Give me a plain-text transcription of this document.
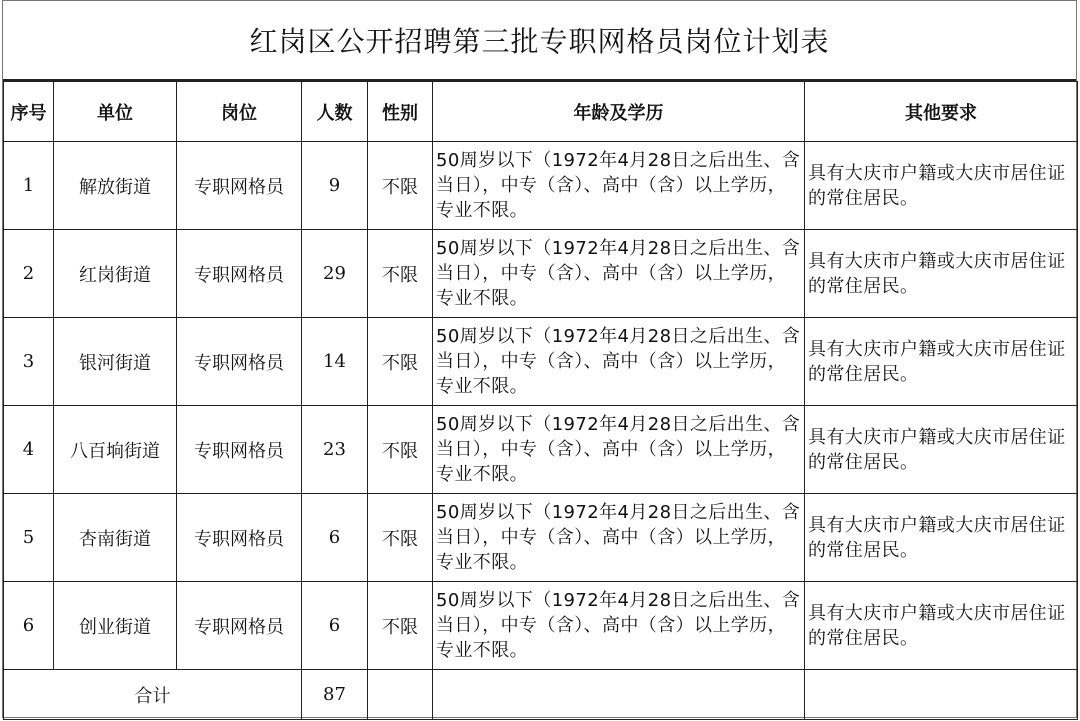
红岗区公开招聘第三批专职网格员岗位计划表
序号	单位	岗位	人数	性别	年龄及学历	其他要求
1	解放街道	专职网格员	9	不限	50周岁以下（1972年4月28日之后出生、含当日），中专（含）、高中（含）以上学历，专业不限。	具有大庆市户籍或大庆市居住证的常住居民。
2	红岗街道	专职网格员	29	不限	50周岁以下（1972年4月28日之后出生、含当日），中专（含）、高中（含）以上学历，专业不限。	具有大庆市户籍或大庆市居住证的常住居民。
3	银河街道	专职网格员	14	不限	50周岁以下（1972年4月28日之后出生、含当日），中专（含）、高中（含）以上学历，专业不限。	具有大庆市户籍或大庆市居住证的常住居民。
4	八百垧街道	专职网格员	23	不限	50周岁以下（1972年4月28日之后出生、含当日），中专（含）、高中（含）以上学历，专业不限。	具有大庆市户籍或大庆市居住证的常住居民。
5	杏南街道	专职网格员	6	不限	50周岁以下（1972年4月28日之后出生、含当日），中专（含）、高中（含）以上学历，专业不限。	具有大庆市户籍或大庆市居住证的常住居民。
6	创业街道	专职网格员	6	不限	50周岁以下（1972年4月28日之后出生、含当日），中专（含）、高中（含）以上学历，专业不限。	具有大庆市户籍或大庆市居住证的常住居民。
合计			87			
